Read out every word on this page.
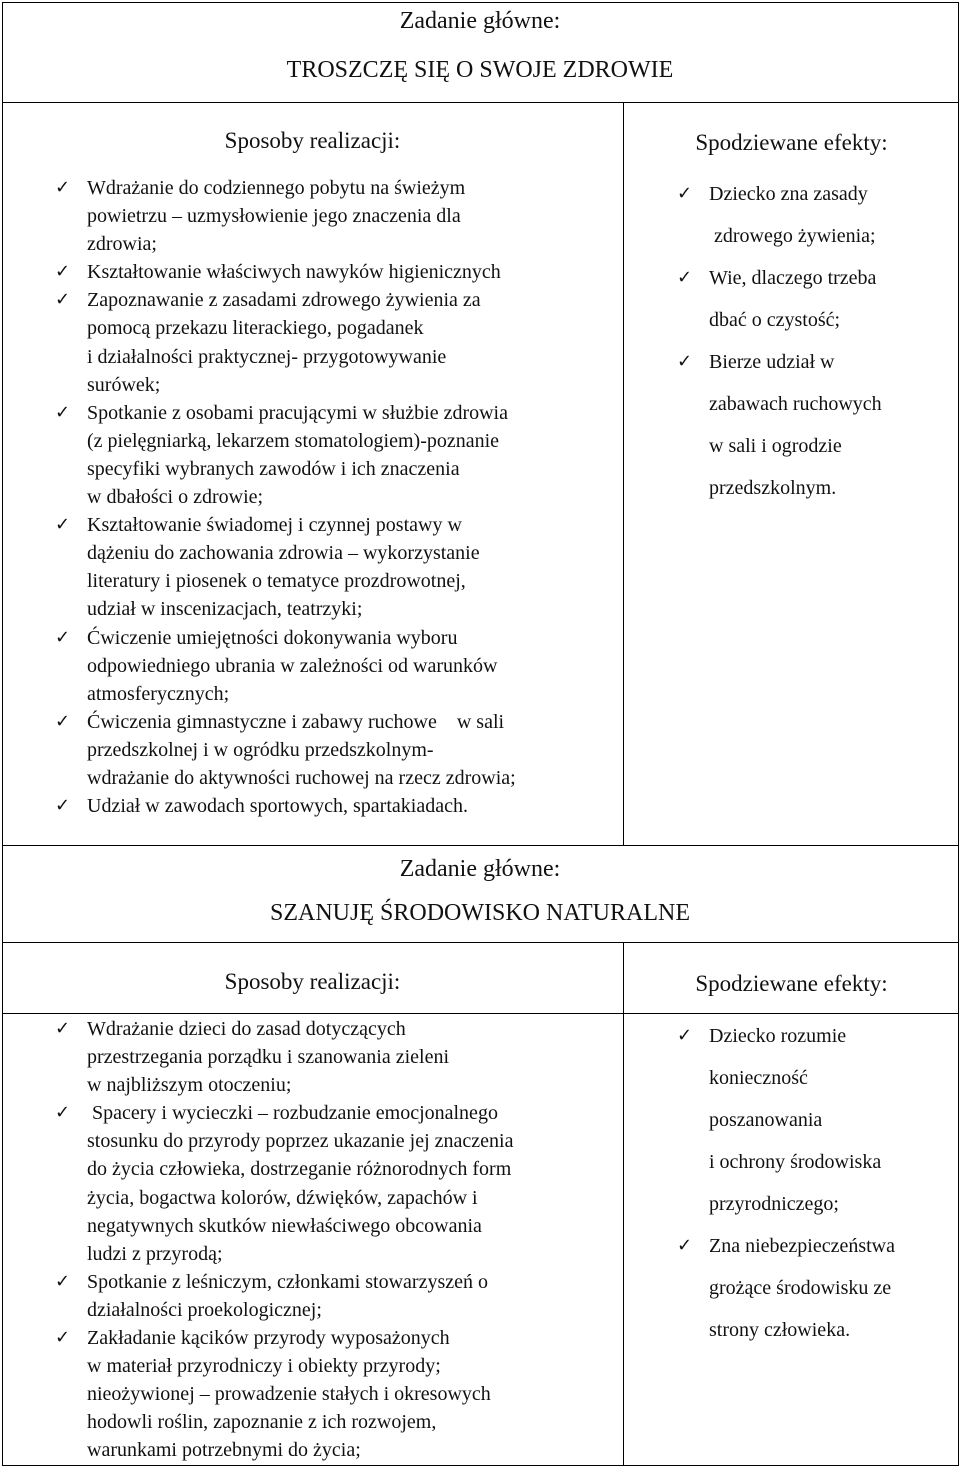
Zadanie główne:
TROSZCZĘ SIĘ O SWOJE ZDROWIE
Sposoby realizacji:	Spodziewane efekty:
✓ Wdrażanie do codziennego pobytu na świeżym
powietrzu – uzmysłowienie jego znaczenia dla
zdrowia;
✓ Kształtowanie właściwych nawyków higienicznych
✓ Zapoznawanie z zasadami zdrowego żywienia za
pomocą przekazu literackiego, pogadanek
i działalności praktycznej- przygotowywanie
surówek;
✓ Spotkanie z osobami pracującymi w służbie zdrowia
(z pielęgniarką, lekarzem stomatologiem)-poznanie
specyfiki wybranych zawodów i ich znaczenia
w dbałości o zdrowie;
✓ Kształtowanie świadomej i czynnej postawy w
dążeniu do zachowania zdrowia – wykorzystanie
literatury i piosenek o tematyce prozdrowotnej,
udział w inscenizacjach, teatrzyki;
✓ Ćwiczenie umiejętności dokonywania wyboru
odpowiedniego ubrania w zależności od warunków
atmosferycznych;
✓ Ćwiczenia gimnastyczne i zabawy ruchowe    w sali
przedszkolnej i w ogródku przedszkolnym-
wdrażanie do aktywności ruchowej na rzecz zdrowia;
✓ Udział w zawodach sportowych, spartakiadach.
✓ Dziecko zna zasady
zdrowego żywienia;
✓ Wie, dlaczego trzeba
dbać o czystość;
✓ Bierze udział w
zabawach ruchowych
w sali i ogrodzie
przedszkolnym.
Zadanie główne:
SZANUJĘ ŚRODOWISKO NATURALNE
Sposoby realizacji:	Spodziewane efekty:
✓ Wdrażanie dzieci do zasad dotyczących
przestrzegania porządku i szanowania zieleni
w najbliższym otoczeniu;
✓ Spacery i wycieczki – rozbudzanie emocjonalnego
stosunku do przyrody poprzez ukazanie jej znaczenia
do życia człowieka, dostrzeganie różnorodnych form
życia, bogactwa kolorów, dźwięków, zapachów i
negatywnych skutków niewłaściwego obcowania
ludzi z przyrodą;
✓ Spotkanie z leśniczym, członkami stowarzyszeń o
działalności proekologicznej;
✓ Zakładanie kącików przyrody wyposażonych
w materiał przyrodniczy i obiekty przyrody;
nieożywionej – prowadzenie stałych i okresowych
hodowli roślin, zapoznanie z ich rozwojem,
warunkami potrzebnymi do życia;
✓ Dziecko rozumie
konieczność
poszanowania
i ochrony środowiska
przyrodniczego;
✓ Zna niebezpieczeństwa
grożące środowisku ze
strony człowieka.
